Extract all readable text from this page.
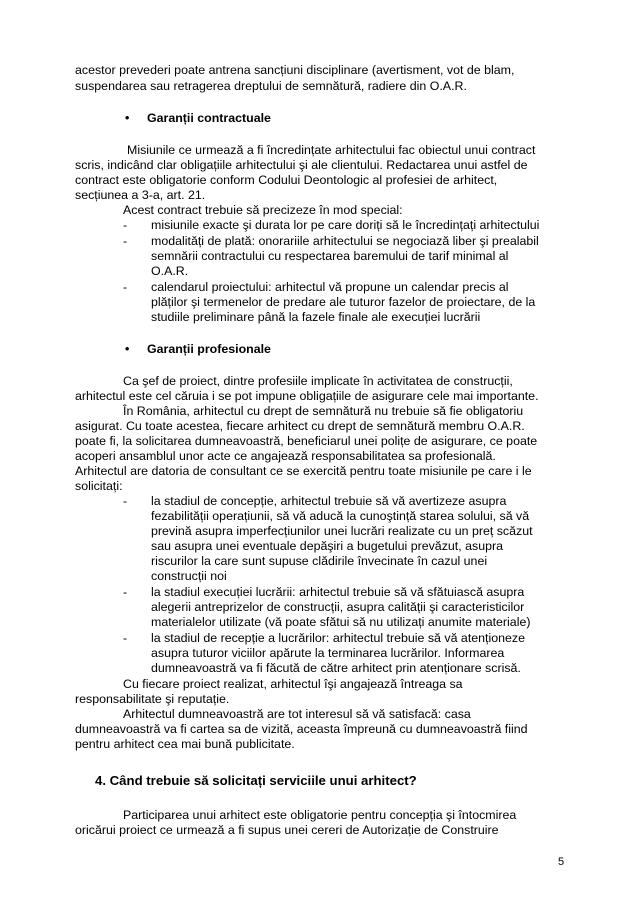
acestor prevederi poate antrena sancțiuni disciplinare (avertisment, vot de blam,
suspendarea sau retragerea dreptului de semnătură, radiere din O.A.R.
• Garanții contractuale
Misiunile ce urmează a fi încredințate arhitectului fac obiectul unui contract
scris, indicând clar obligațiile arhitectului şi ale clientului. Redactarea unui astfel de
contract este obligatorie conform Codului Deontologic al profesiei de arhitect,
secțiunea a 3-a, art. 21.
Acest contract trebuie să precizeze în mod special:
- misiunile exacte şi durata lor pe care doriți să le încredințați arhitectului
- modalități de plată: onorariile arhitectului se negociază liber şi prealabil
semnării contractului cu respectarea baremului de tarif minimal al
O.A.R.
- calendarul proiectului: arhitectul vă propune un calendar precis al
plăților şi termenelor de predare ale tuturor fazelor de proiectare, de la
studiile preliminare până la fazele finale ale execuției lucrării
• Garanții profesionale
Ca şef de proiect, dintre profesiile implicate în activitatea de construcții,
arhitectul este cel căruia i se pot impune obligațiile de asigurare cele mai importante.
În România, arhitectul cu drept de semnătură nu trebuie să fie obligatoriu
asigurat. Cu toate acestea, fiecare arhitect cu drept de semnătură membru O.A.R.
poate fi, la solicitarea dumneavoastră, beneficiarul unei polițe de asigurare, ce poate
acoperi ansamblul unor acte ce angajează responsabilitatea sa profesională.
Arhitectul are datoria de consultant ce se exercită pentru toate misiunile pe care i le
solicitați:
- la stadiul de concepție, arhitectul trebuie să vă avertizeze asupra
fezabilității operațiunii, să vă aducă la cunoştință starea solului, să vă
prevină asupra imperfecțiunilor unei lucrări realizate cu un preț scăzut
sau asupra unei eventuale depăşiri a bugetului prevăzut, asupra
riscurilor la care sunt supuse clădirile învecinate în cazul unei
construcții noi
- la stadiul execuției lucrării: arhitectul trebuie să vă sfătuiască asupra
alegerii antreprizelor de construcții, asupra calității şi caracteristicilor
materialelor utilizate (vă poate sfătui să nu utilizați anumite materiale)
- la stadiul de recepție a lucrărilor: arhitectul trebuie să vă atenționeze
asupra tuturor viciilor apărute la terminarea lucrărilor. Informarea
dumneavoastră va fi făcută de către arhitect prin atenționare scrisă.
Cu fiecare proiect realizat, arhitectul îşi angajează întreaga sa
responsabilitate şi reputație.
Arhitectul dumneavoastră are tot interesul să vă satisfacă: casa
dumneavoastră va fi cartea sa de vizită, aceasta împreună cu dumneavoastră fiind
pentru arhitect cea mai bună publicitate.
4. Când trebuie să solicitați serviciile unui arhitect?
Participarea unui arhitect este obligatorie pentru concepția şi întocmirea
oricărui proiect ce urmează a fi supus unei cereri de Autorizație de Construire
5
